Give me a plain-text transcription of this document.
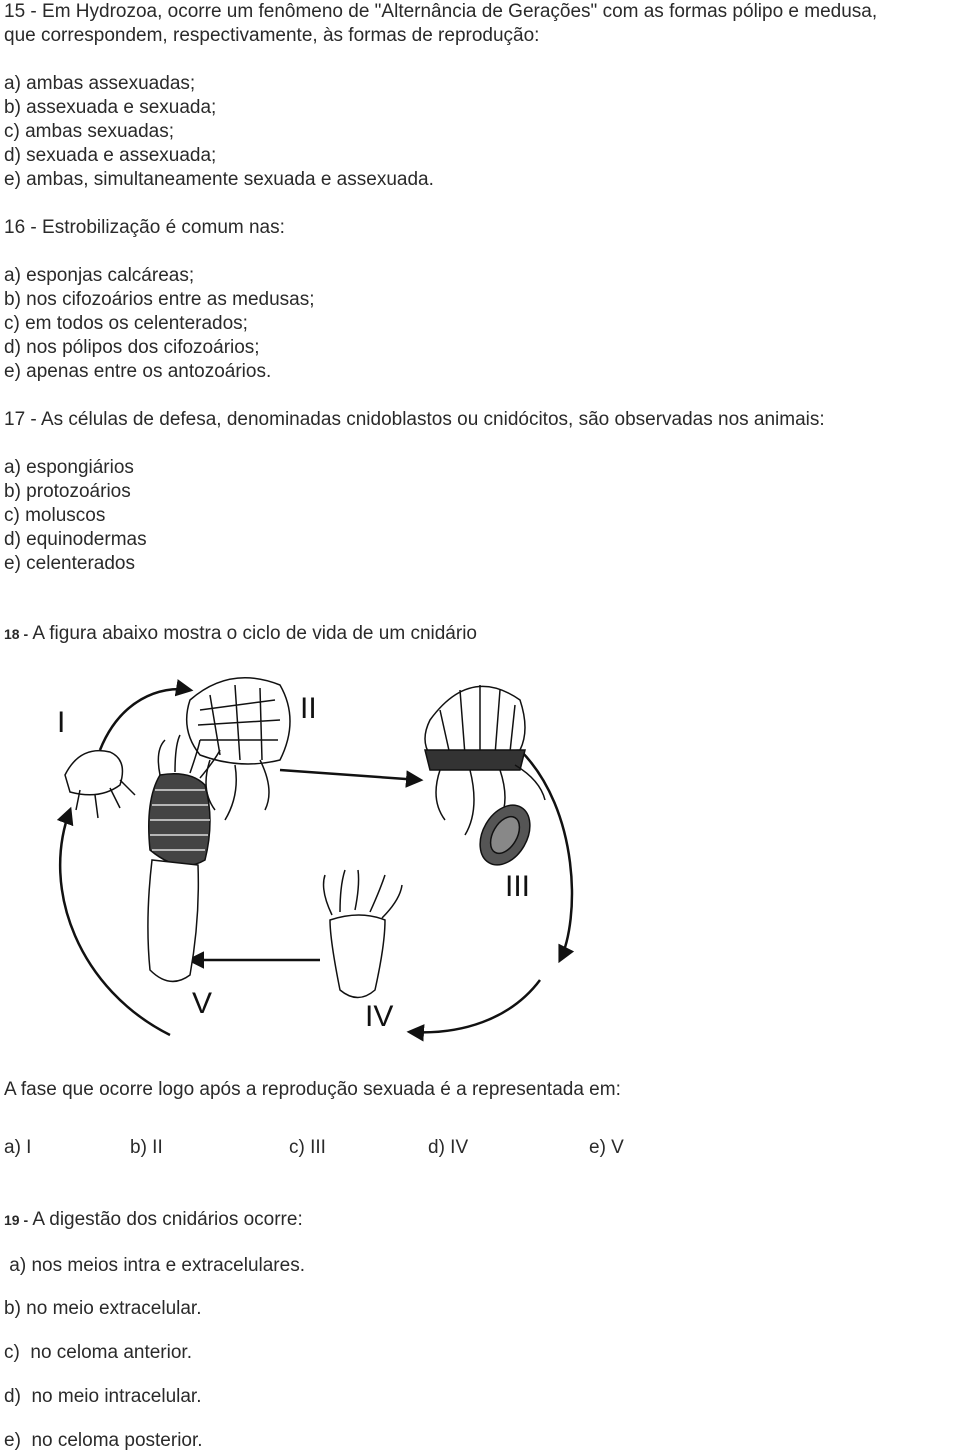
15 - Em Hydrozoa, ocorre um fenômeno de "Alternância de Gerações" com as formas pólipo e medusa,
que correspondem, respectivamente, às formas de reprodução:
a) ambas assexuadas;
b) assexuada e sexuada;
c) ambas sexuadas;
d) sexuada e assexuada;
e) ambas, simultaneamente sexuada e assexuada.
16 - Estrobilização é comum nas:
a) esponjas calcáreas;
b) nos cifozoários entre as medusas;
c) em todos os celenterados;
d) nos pólipos dos cifozoários;
e) apenas entre os antozoários.
17 - As células de defesa, denominadas cnidoblastos ou cnidócitos, são observadas nos animais:
a) espongiários
b) protozoários
c) moluscos
d) equinodermas
e) celenterados
18 - A figura abaixo mostra o ciclo de vida de um cnidário
I	II
III
IV
V
A fase que ocorre logo após a reprodução sexuada é a representada em:
a) I	b) II	c) III	d) IV	e) V
19 - A digestão dos cnidários ocorre:
a) nos meios intra e extracelulares.
b) no meio extracelular.
c)  no celoma anterior.
d)  no meio intracelular.
e)  no celoma posterior.
